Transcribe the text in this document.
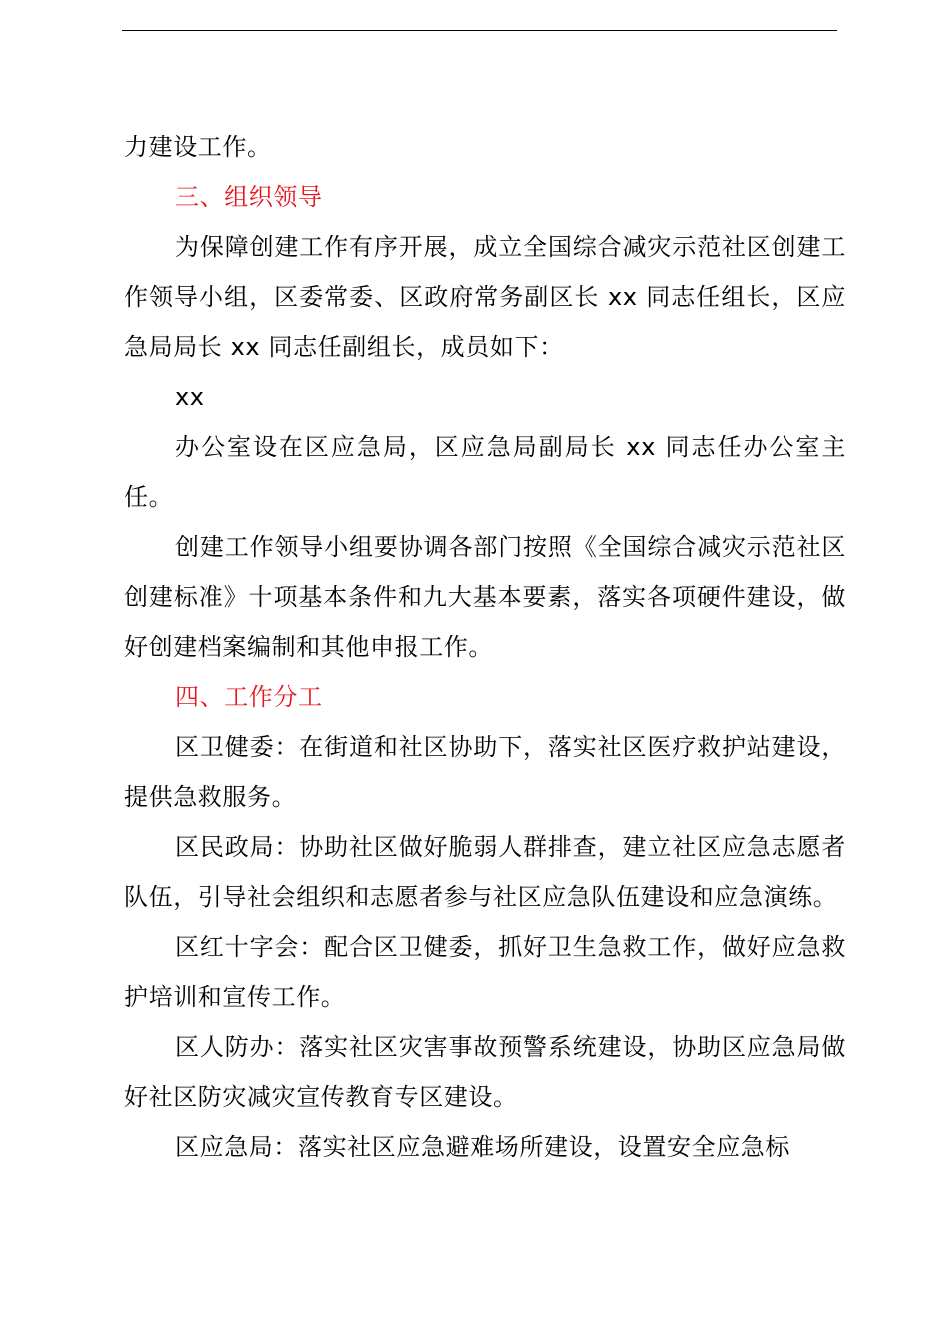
力建设工作。

三、组织领导

为保障创建工作有序开展，成立全国综合减灾示范社区创建工作领导小组，区委常委、区政府常务副区长 xx 同志任组长，区应急局局长 xx 同志任副组长，成员如下：

xx

办公室设在区应急局，区应急局副局长 xx 同志任办公室主任。

创建工作领导小组要协调各部门按照《全国综合减灾示范社区创建标准》十项基本条件和九大基本要素，落实各项硬件建设，做好创建档案编制和其他申报工作。

四、工作分工

区卫健委：在街道和社区协助下，落实社区医疗救护站建设，提供急救服务。

区民政局：协助社区做好脆弱人群排查，建立社区应急志愿者队伍，引导社会组织和志愿者参与社区应急队伍建设和应急演练。

区红十字会：配合区卫健委，抓好卫生急救工作，做好应急救护培训和宣传工作。

区人防办：落实社区灾害事故预警系统建设，协助区应急局做好社区防灾减灾宣传教育专区建设。

区应急局：落实社区应急避难场所建设，设置安全应急标
